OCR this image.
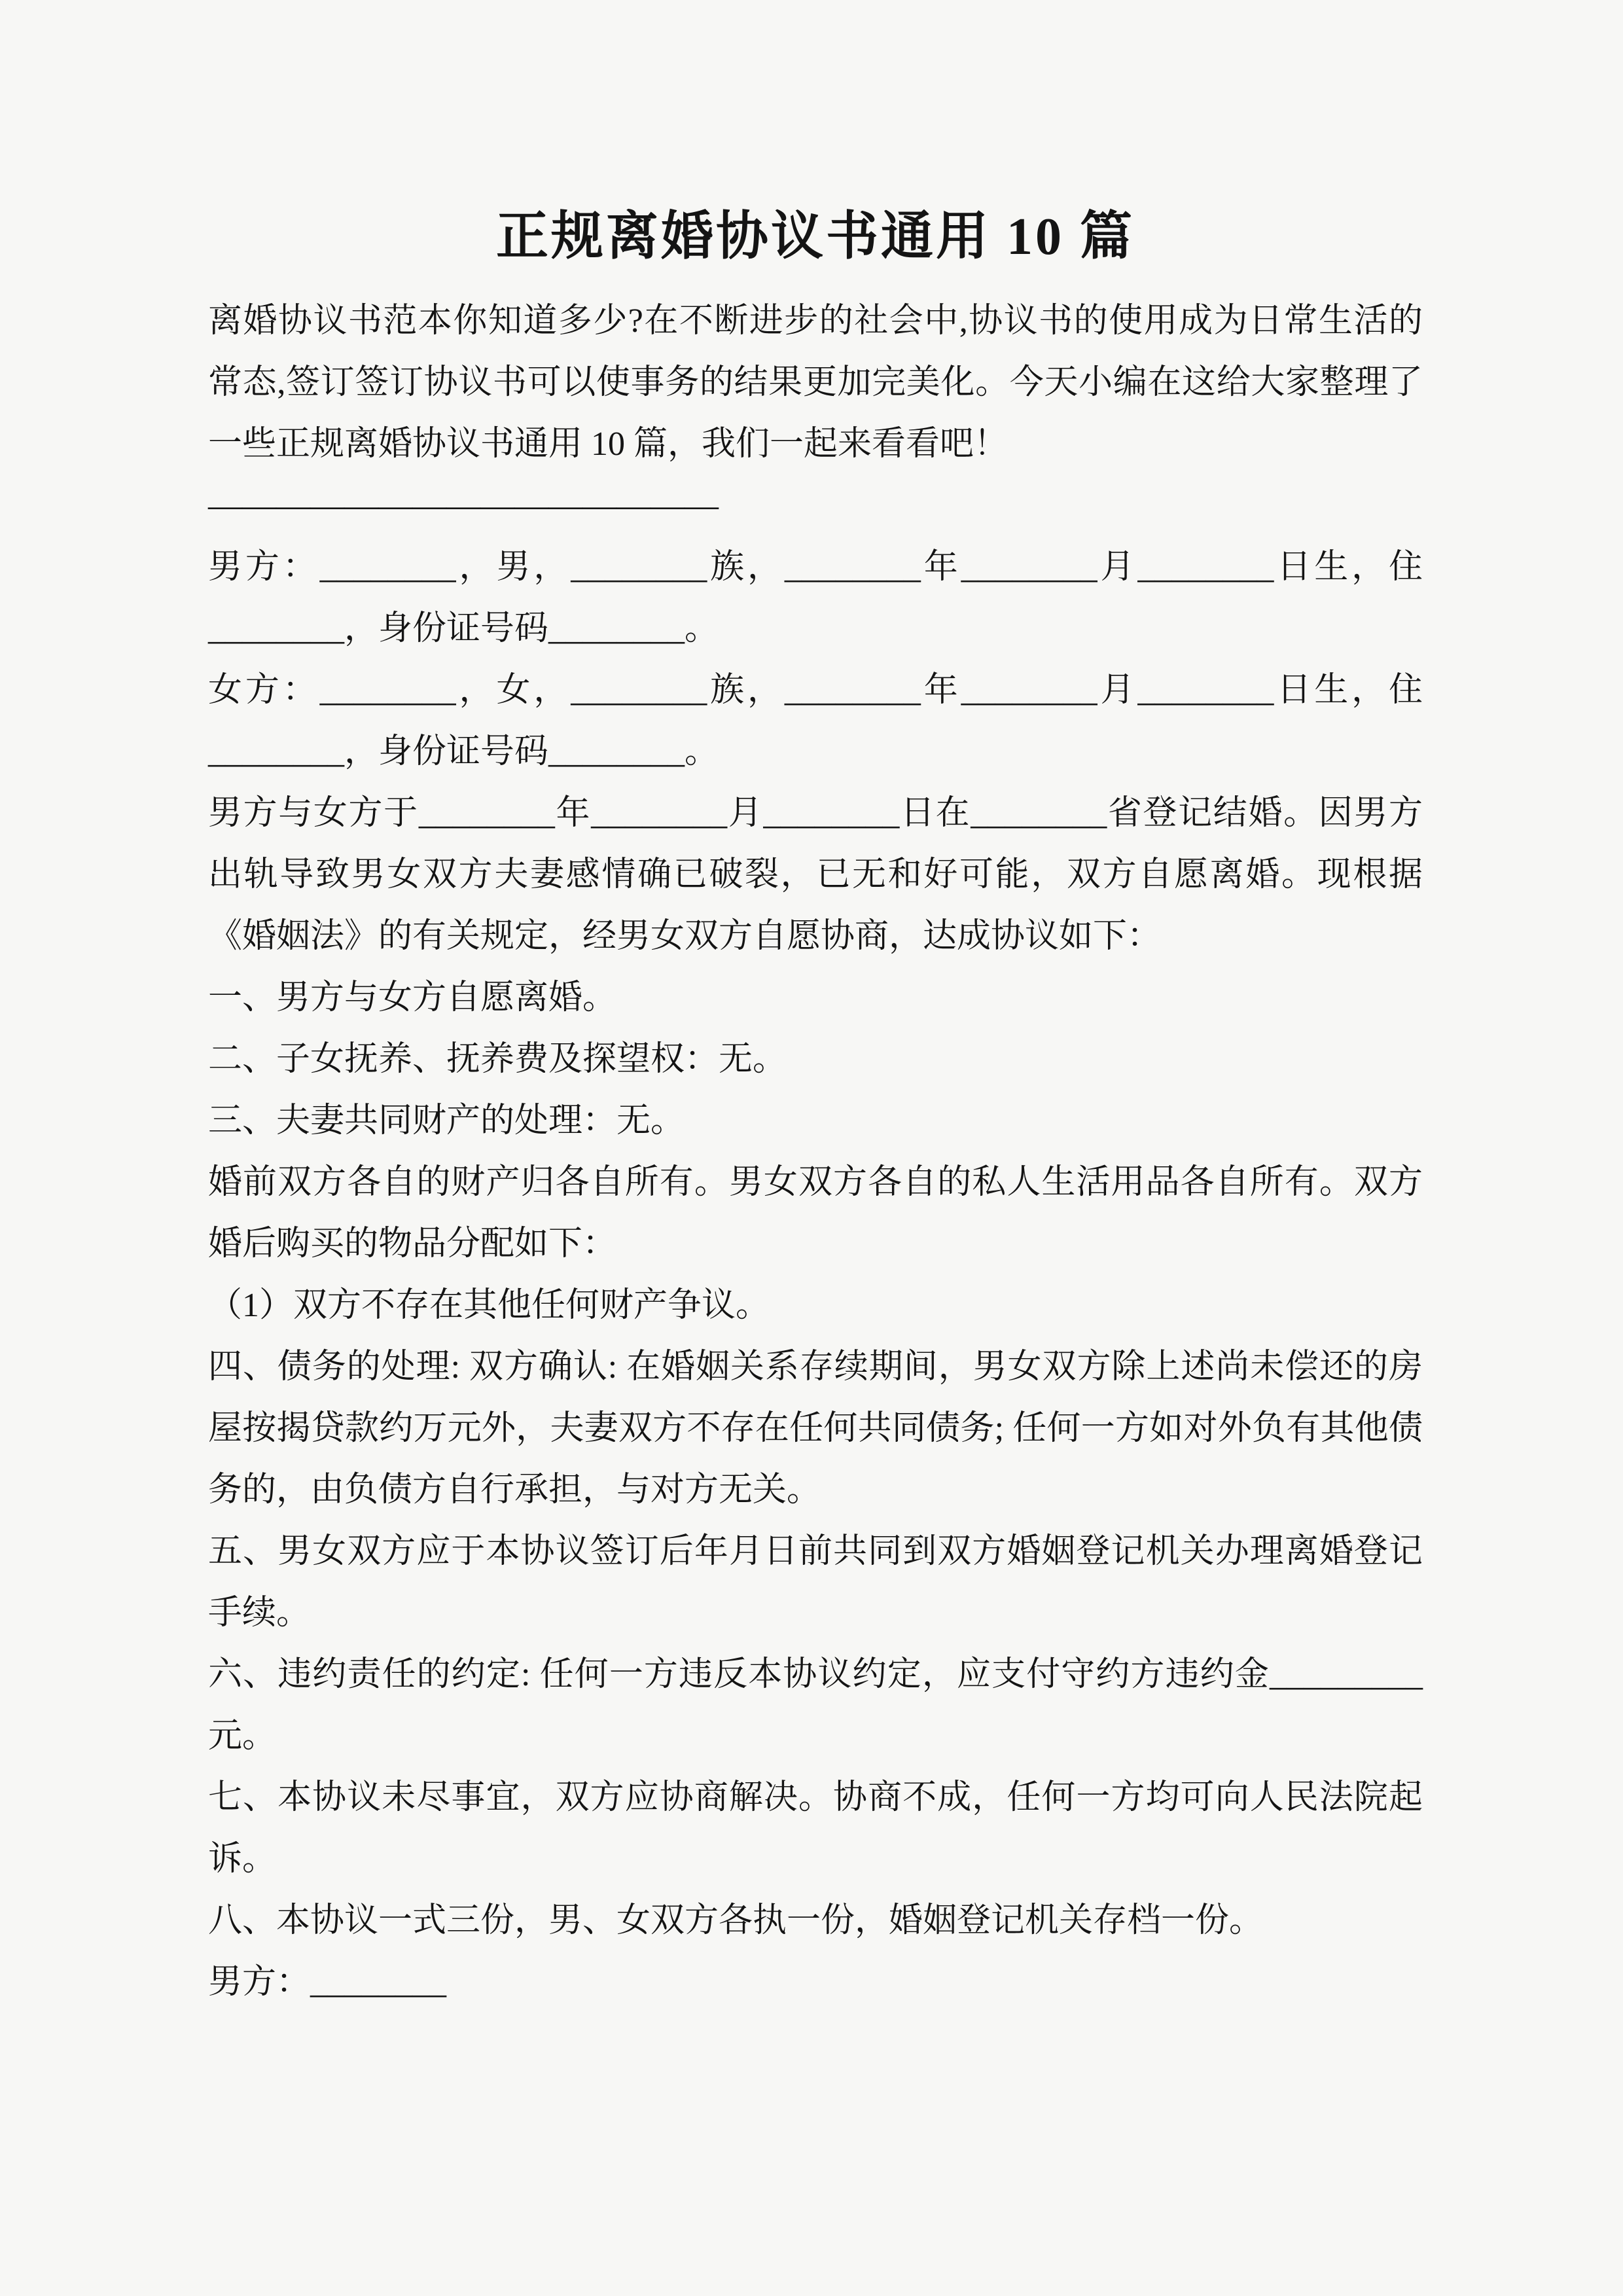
正规离婚协议书通用 10 篇

离婚协议书范本你知道多少?在不断进步的社会中,协议书的使用成为日常生活的常态,签订签订协议书可以使事务的结果更加完美化。今天小编在这给大家整理了一些正规离婚协议书通用 10 篇，我们一起来看看吧！

———————————————

男方：________，男，________族，________年________月________日生，住________，身份证号码________。

女方：________，女，________族，________年________月________日生，住________，身份证号码________。

男方与女方于________年________月________日在________省登记结婚。因男方出轨导致男女双方夫妻感情确已破裂，已无和好可能，双方自愿离婚。现根据《婚姻法》的有关规定，经男女双方自愿协商，达成协议如下：

一、男方与女方自愿离婚。

二、子女抚养、抚养费及探望权：无。

三、夫妻共同财产的处理：无。

婚前双方各自的财产归各自所有。男女双方各自的私人生活用品各自所有。双方婚后购买的物品分配如下：

（1）双方不存在其他任何财产争议。

四、债务的处理: 双方确认: 在婚姻关系存续期间，男女双方除上述尚未偿还的房屋按揭贷款约万元外，夫妻双方不存在任何共同债务; 任何一方如对外负有其他债务的，由负债方自行承担，与对方无关。

五、男女双方应于本协议签订后年月日前共同到双方婚姻登记机关办理离婚登记手续。

六、违约责任的约定: 任何一方违反本协议约定，应支付守约方违约金_________元。

七、本协议未尽事宜，双方应协商解决。协商不成，任何一方均可向人民法院起诉。

八、本协议一式三份，男、女双方各执一份，婚姻登记机关存档一份。

男方：________
